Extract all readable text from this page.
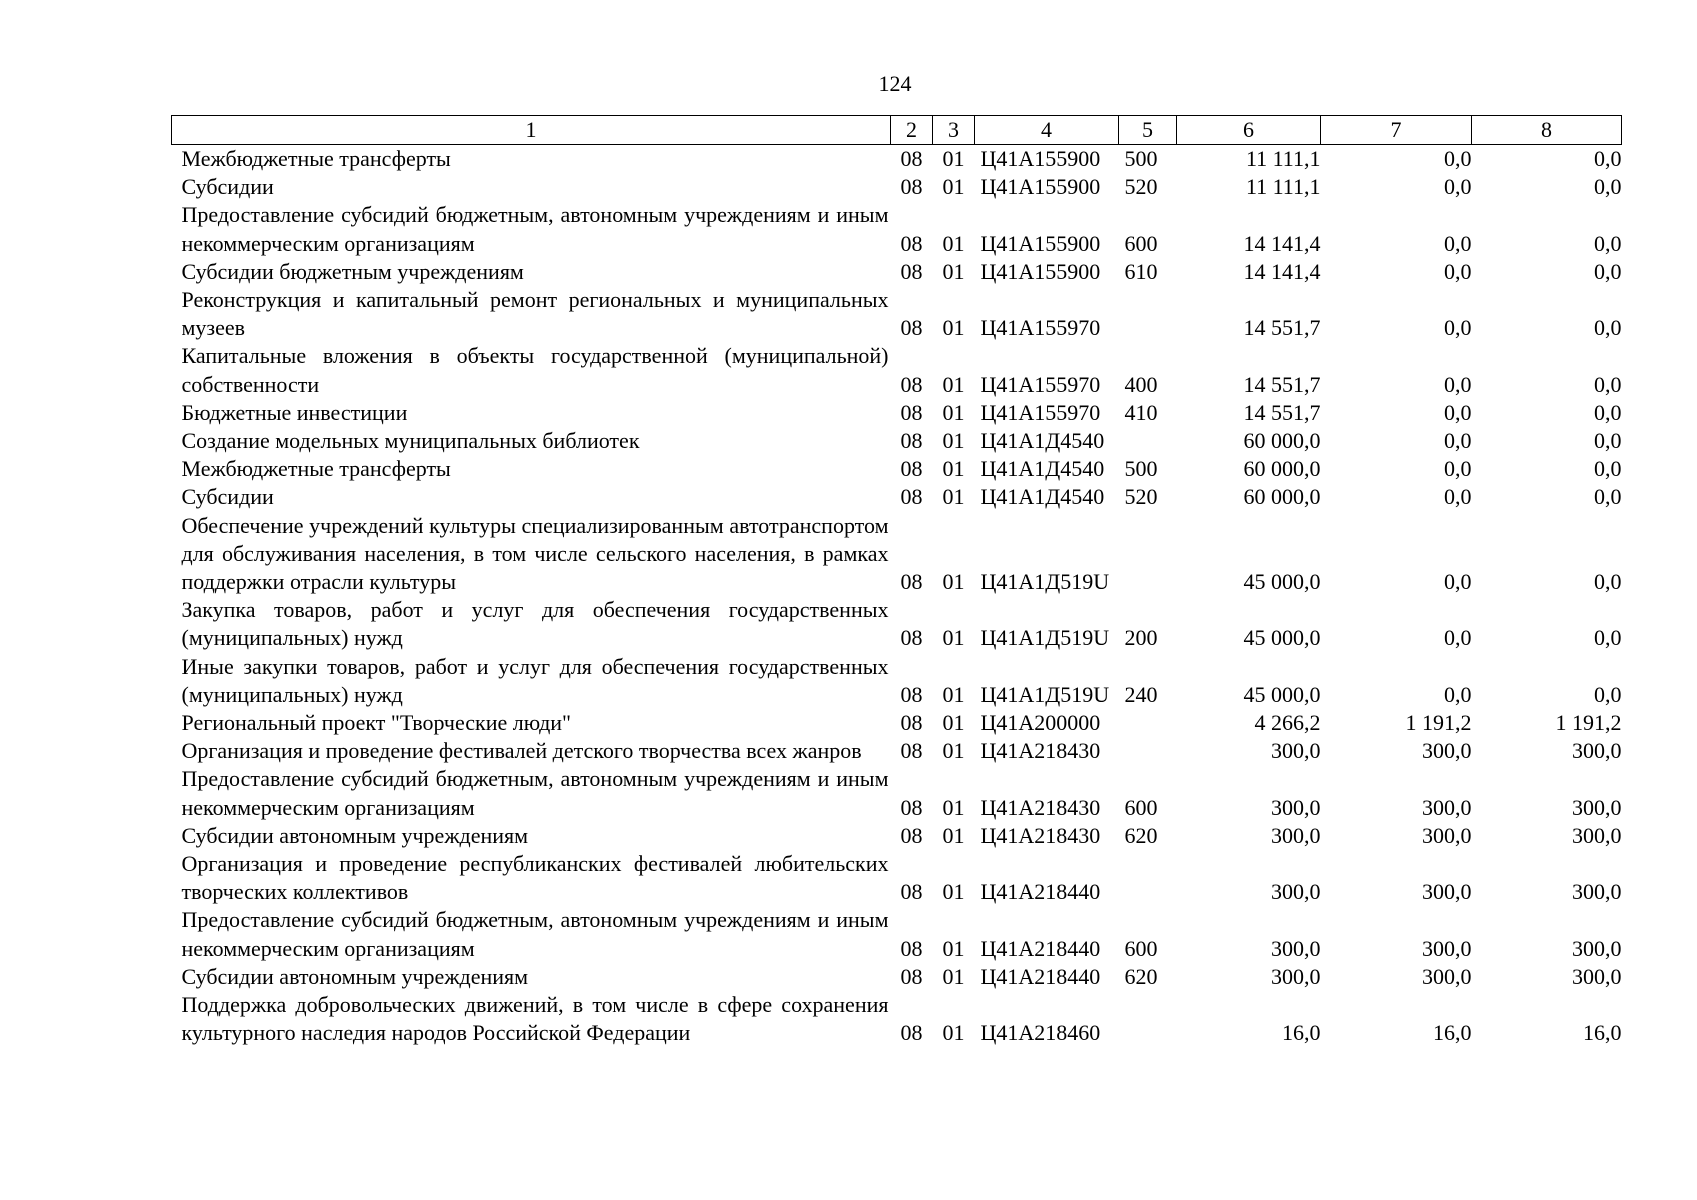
124
1	2	3	4	5	6	7	8
Межбюджетные трансферты	08	01	Ц41А155900	500	11 111,1	0,0	0,0
Субсидии	08	01	Ц41А155900	520	11 111,1	0,0	0,0
Предоставление субсидий бюджетным, автономным учреждениям и иным некоммерческим организациям	08	01	Ц41А155900	600	14 141,4	0,0	0,0
Субсидии бюджетным учреждениям	08	01	Ц41А155900	610	14 141,4	0,0	0,0
Реконструкция и капитальный ремонт региональных и муниципальных музеев	08	01	Ц41А155970		14 551,7	0,0	0,0
Капитальные вложения в объекты государственной (муниципальной) собственности	08	01	Ц41А155970	400	14 551,7	0,0	0,0
Бюджетные инвестиции	08	01	Ц41А155970	410	14 551,7	0,0	0,0
Создание модельных муниципальных библиотек	08	01	Ц41А1Д4540		60 000,0	0,0	0,0
Межбюджетные трансферты	08	01	Ц41А1Д4540	500	60 000,0	0,0	0,0
Субсидии	08	01	Ц41А1Д4540	520	60 000,0	0,0	0,0
Обеспечение учреждений культуры специализированным автотранспортом для обслуживания населения, в том числе сельского населения, в рамках поддержки отрасли культуры	08	01	Ц41А1Д519U		45 000,0	0,0	0,0
Закупка товаров, работ и услуг для обеспечения государственных (муниципальных) нужд	08	01	Ц41А1Д519U	200	45 000,0	0,0	0,0
Иные закупки товаров, работ и услуг для обеспечения государственных (муниципальных) нужд	08	01	Ц41А1Д519U	240	45 000,0	0,0	0,0
Региональный проект "Творческие люди"	08	01	Ц41А200000		4 266,2	1 191,2	1 191,2
Организация и проведение фестивалей детского творчества всех жанров	08	01	Ц41А218430		300,0	300,0	300,0
Предоставление субсидий бюджетным, автономным учреждениям и иным некоммерческим организациям	08	01	Ц41А218430	600	300,0	300,0	300,0
Субсидии автономным учреждениям	08	01	Ц41А218430	620	300,0	300,0	300,0
Организация и проведение республиканских фестивалей любительских творческих коллективов	08	01	Ц41А218440		300,0	300,0	300,0
Предоставление субсидий бюджетным, автономным учреждениям и иным некоммерческим организациям	08	01	Ц41А218440	600	300,0	300,0	300,0
Субсидии автономным учреждениям	08	01	Ц41А218440	620	300,0	300,0	300,0
Поддержка добровольческих движений, в том числе в сфере сохранения культурного наследия народов Российской Федерации	08	01	Ц41А218460		16,0	16,0	16,0
